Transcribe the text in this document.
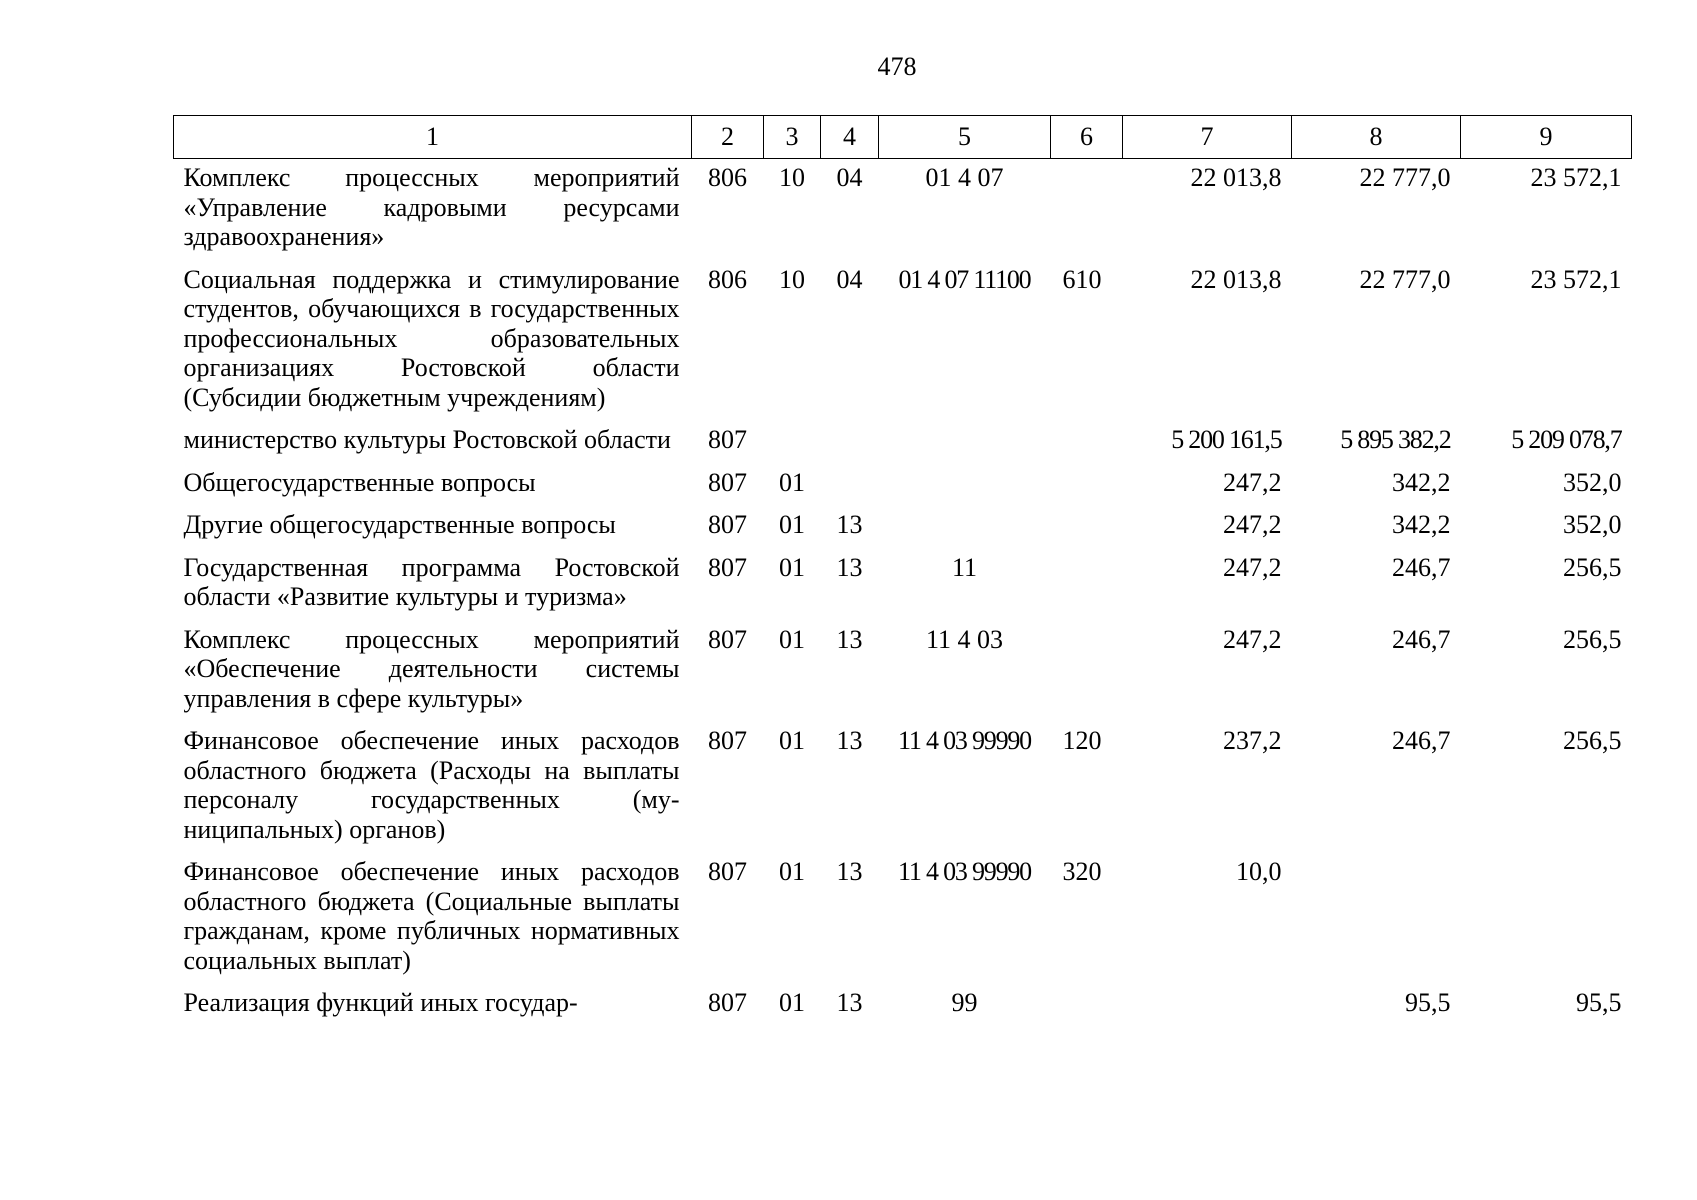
478
1	2	3	4	5	6	7	8	9
Комплекс процессных мероприятий «Управление кадровыми ресурсами здравоохранения»	806	10	04	01 4 07		22 013,8	22 777,0	23 572,1
Социальная поддержка и стимулирование студентов, обучающихся в государственных профессиональных образовательных организациях Ростовской области (Субсидии бюджетным учреждениям)	806	10	04	01 4 07 11100	610	22 013,8	22 777,0	23 572,1
министерство культуры Ростовской области	807					5 200 161,5	5 895 382,2	5 209 078,7
Общегосударственные вопросы	807	01				247,2	342,2	352,0
Другие общегосударственные вопросы	807	01	13			247,2	342,2	352,0
Государственная программа Ростовской области «Развитие культуры и туризма»	807	01	13	11		247,2	246,7	256,5
Комплекс процессных мероприятий «Обеспечение деятельности системы управления в сфере культуры»	807	01	13	11 4 03		247,2	246,7	256,5
Финансовое обеспечение иных расходов областного бюджета (Расходы на выплаты персоналу государственных (муниципальных) органов)	807	01	13	11 4 03 99990	120	237,2	246,7	256,5
Финансовое обеспечение иных расходов областного бюджета (Социальные выплаты гражданам, кроме публичных нормативных социальных выплат)	807	01	13	11 4 03 99990	320	10,0		
Реализация функций иных государ-	807	01	13	99			95,5	95,5
